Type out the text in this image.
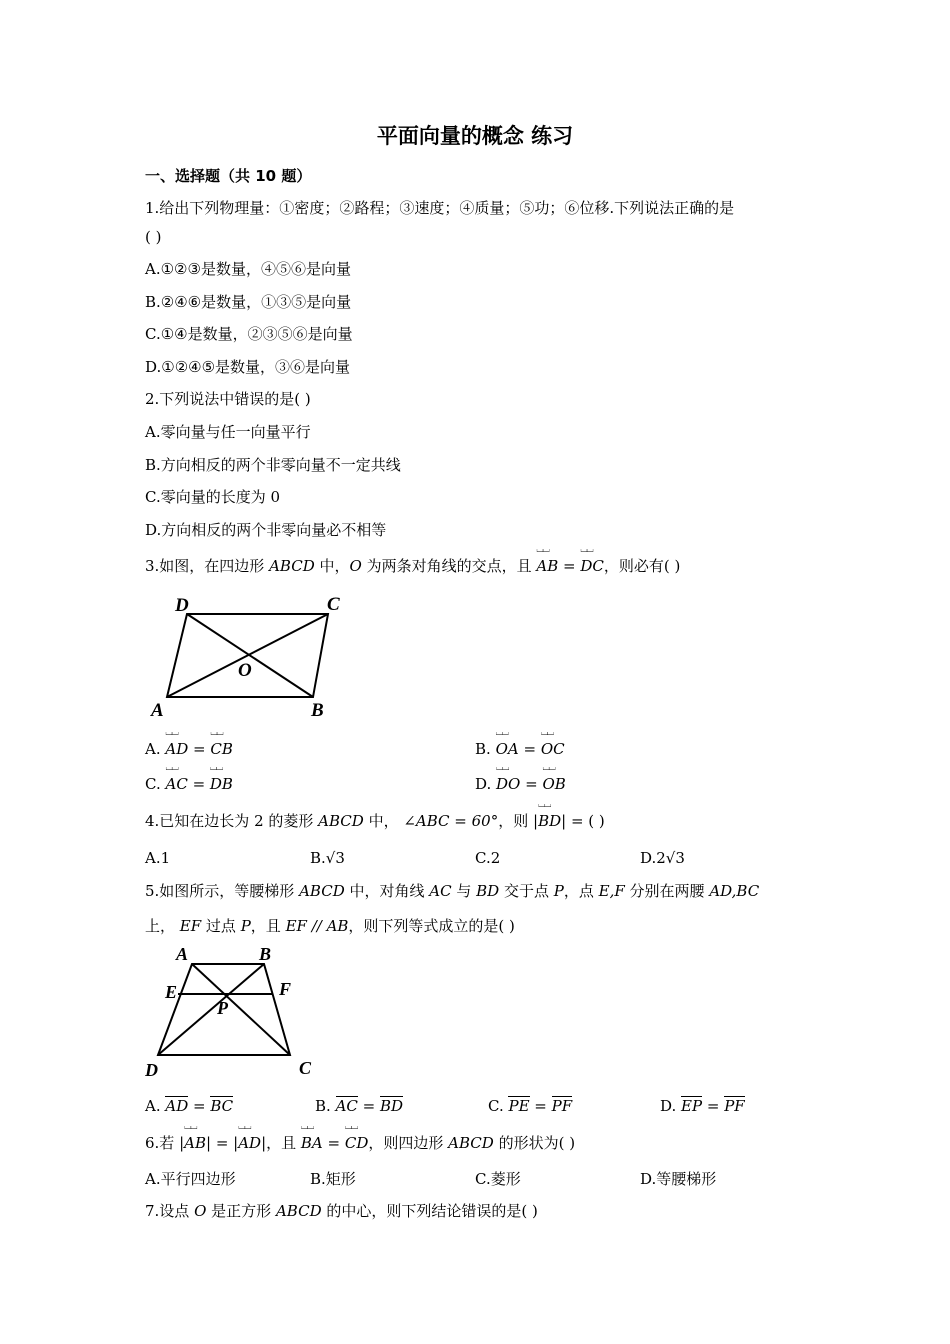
平面向量的概念 练习
一、选择题（共 10 题）
1.给出下列物理量：①密度；②路程；③速度；④质量；⑤功；⑥位移.下列说法正确的是
( )
A.①②③是数量，④⑤⑥是向量
B.②④⑥是数量，①③⑤是向量
C.①④是数量，②③⑤⑥是向量
D.①②④⑤是数量，③⑥是向量
2.下列说法中错误的是( )
A.零向量与任一向量平行
B.方向相反的两个非零向量不一定共线
C.零向量的长度为 0
D.方向相反的两个非零向量必不相等
3.如图，在四边形 ABCD 中，O 为两条对角线的交点，且 ⌴⌴ AB = ⌴⌴ DC，则必有( )
D	C
O
A	B
A. ⌴⌴ AD = ⌴⌴ CB	B. ⌴⌴ OA = ⌴⌴ OC
C. ⌴⌴ AC = ⌴⌴ DB	D. ⌴⌴ DO = ⌴⌴ OB
4.已知在边长为 2 的菱形 ABCD 中， ∠ABC = 60°，则 |⌴⌴ BD| = ( )
A.1	B.√3	C.2	D.2√3
5.如图所示，等腰梯形 ABCD 中，对角线 AC 与 BD 交于点 P，点 E,F 分别在两腰 AD,BC
上， EF 过点 P，且 EF // AB，则下列等式成立的是( )
A	B
E	F
P
D	C
A. AD = BC	B. AC = BD	C. PE = PF	D. EP = PF
6.若 |⌴⌴ AB| = |⌴⌴ AD|，且 ⌴⌴ BA = ⌴⌴ CD，则四边形 ABCD 的形状为( )
A.平行四边形	B.矩形	C.菱形	D.等腰梯形
7.设点 O 是正方形 ABCD 的中心，则下列结论错误的是( )
